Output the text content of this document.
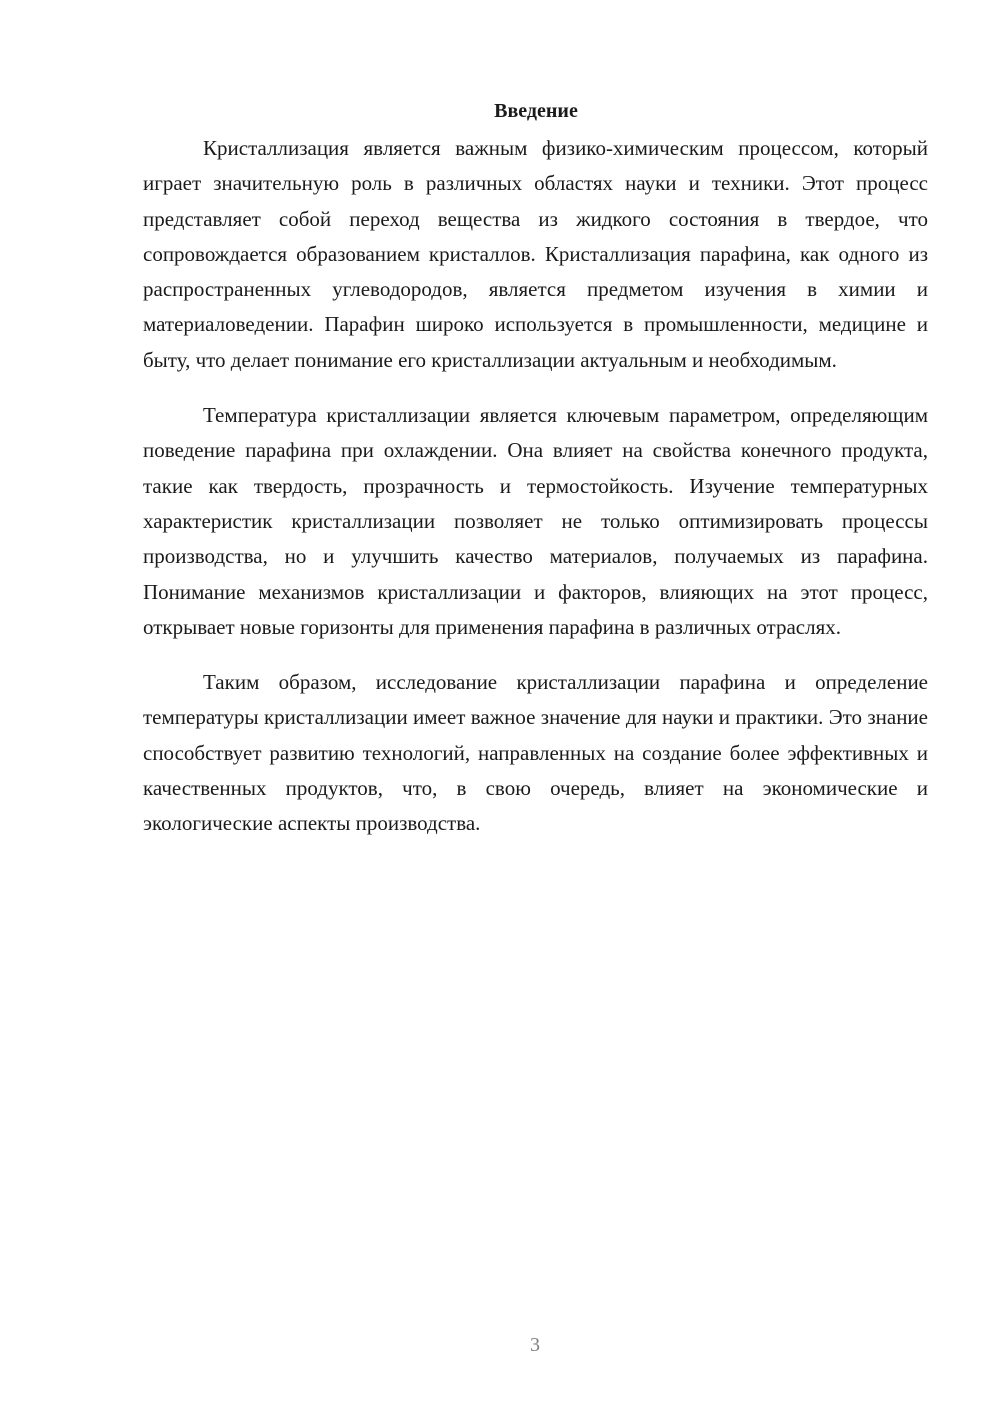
Введение

Кристаллизация является важным физико-химическим процессом, который играет значительную роль в различных областях науки и техники. Этот процесс представляет собой переход вещества из жидкого состояния в твердое, что сопровождается образованием кристаллов. Кристаллизация парафина, как одного из распространенных углеводородов, является предметом изучения в химии и материаловедении. Парафин широко используется в промышленности, медицине и быту, что делает понимание его кристаллизации актуальным и необходимым.

Температура кристаллизации является ключевым параметром, определяющим поведение парафина при охлаждении. Она влияет на свойства конечного продукта, такие как твердость, прозрачность и термостойкость. Изучение температурных характеристик кристаллизации позволяет не только оптимизировать процессы производства, но и улучшить качество материалов, получаемых из парафина. Понимание механизмов кристаллизации и факторов, влияющих на этот процесс, открывает новые горизонты для применения парафина в различных отраслях.

Таким образом, исследование кристаллизации парафина и определение температуры кристаллизации имеет важное значение для науки и практики. Это знание способствует развитию технологий, направленных на создание более эффективных и качественных продуктов, что, в свою очередь, влияет на экономические и экологические аспекты производства.

3
